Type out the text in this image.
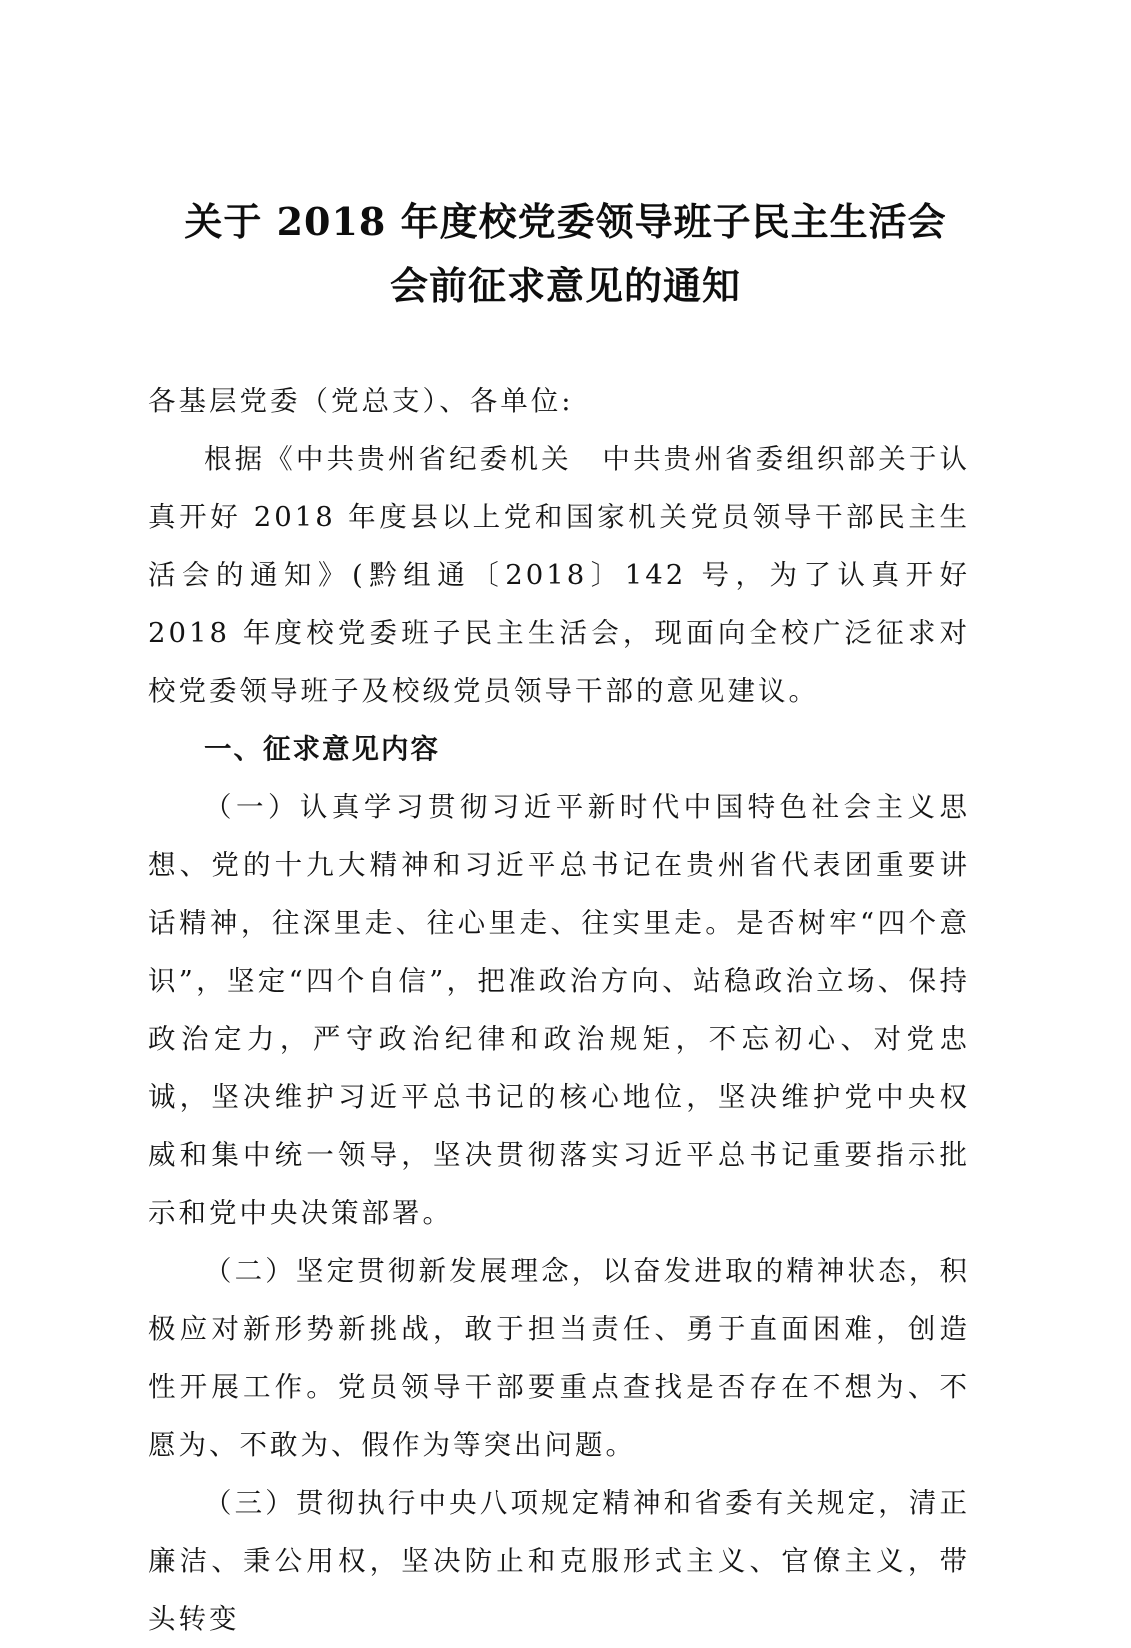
关于 2018 年度校党委领导班子民主生活会
会前征求意见的通知

各基层党委（党总支）、各单位:

根据《中共贵州省纪委机关　中共贵州省委组织部关于认真开好 2018 年度县以上党和国家机关党员领导干部民主生活会的通知》(黔组通〔2018〕142 号，为了认真开好 2018 年度校党委班子民主生活会，现面向全校广泛征求对校党委领导班子及校级党员领导干部的意见建议。

一、征求意见内容

（一）认真学习贯彻习近平新时代中国特色社会主义思想、党的十九大精神和习近平总书记在贵州省代表团重要讲话精神，往深里走、往心里走、往实里走。是否树牢“四个意识”，坚定“四个自信”，把准政治方向、站稳政治立场、保持政治定力，严守政治纪律和政治规矩，不忘初心、对党忠诚，坚决维护习近平总书记的核心地位，坚决维护党中央权威和集中统一领导，坚决贯彻落实习近平总书记重要指示批示和党中央决策部署。

（二）坚定贯彻新发展理念，以奋发进取的精神状态，积极应对新形势新挑战，敢于担当责任、勇于直面困难，创造性开展工作。党员领导干部要重点查找是否存在不想为、不愿为、不敢为、假作为等突出问题。

（三）贯彻执行中央八项规定精神和省委有关规定，清正廉洁、秉公用权，坚决防止和克服形式主义、官僚主义，带头转变
